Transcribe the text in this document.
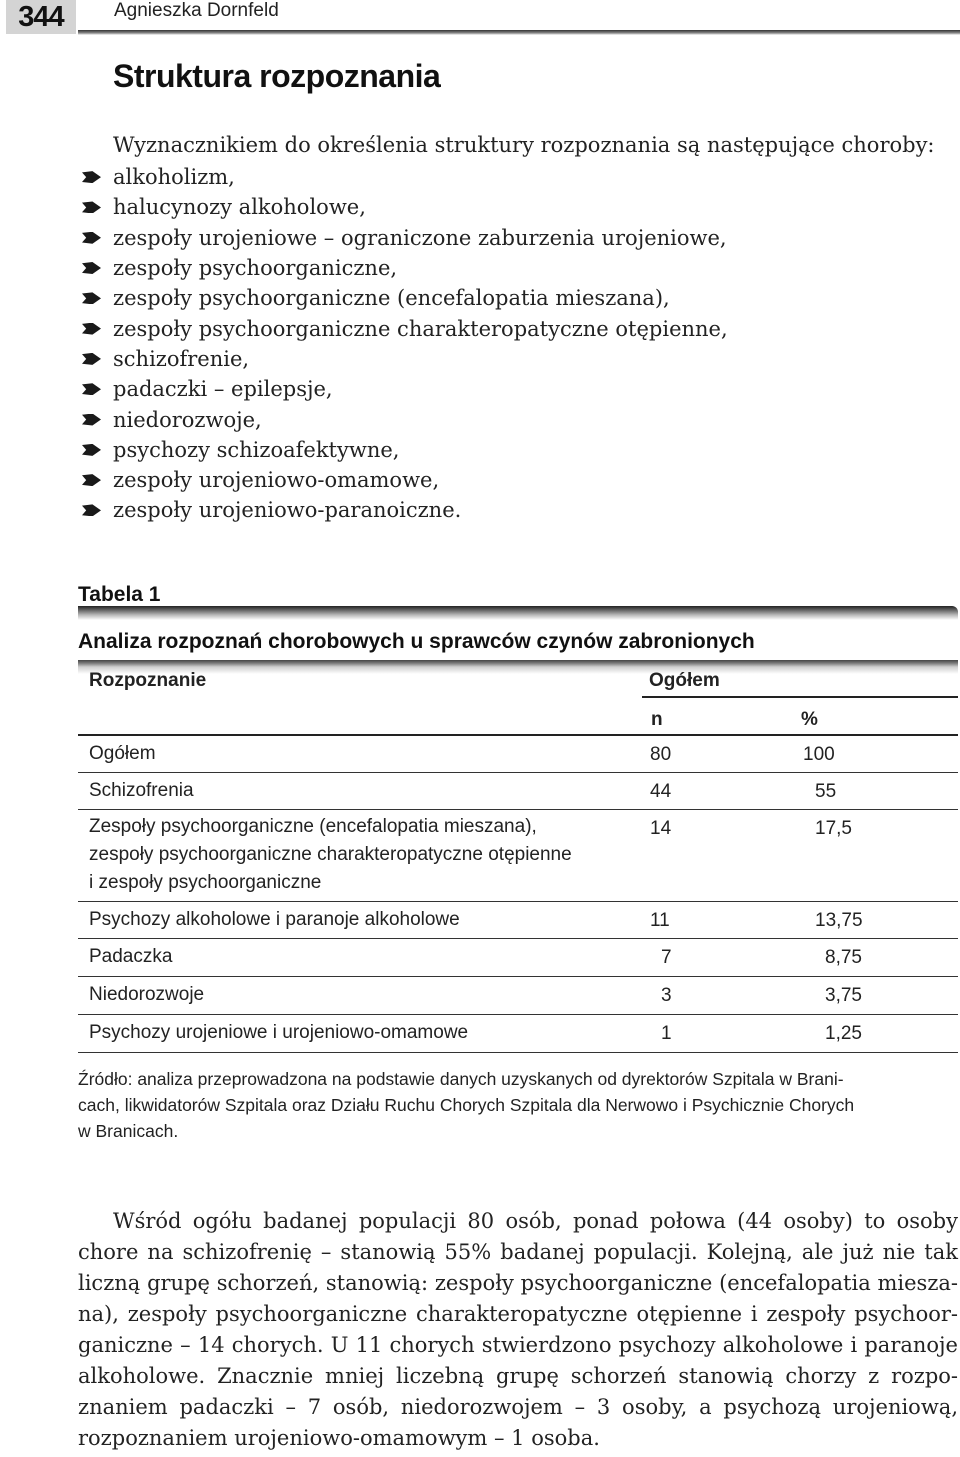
344	Agnieszka Dornfeld
Struktura rozpoznania

Wyznacznikiem do określenia struktury rozpoznania są następujące choroby:

alkoholizm,
halucynozy alkoholowe,
zespoły urojeniowe – ograniczone zaburzenia urojeniowe,
zespoły psychoorganiczne,
zespoły psychoorganiczne (encefalopatia mieszana),
zespoły psychoorganiczne charakteropatyczne otępienne,
schizofrenie,
padaczki – epilepsje,
niedorozwoje,
psychozy schizoafektywne,
zespoły urojeniowo-omamowe,
zespoły urojeniowo-paranoiczne.
Tabela 1
Analiza rozpoznań chorobowych u sprawców czynów zabronionych
Rozpoznanie	Ogółem
n	%
Ogółem	80	100
Schizofrenia	44	55
Zespoły psychoorganiczne (encefalopatia mieszana),
zespoły psychoorganiczne charakteropatyczne otępienne
i zespoły psychoorganiczne
14	17,5
Psychozy alkoholowe i paranoje alkoholowe	11	13,75
Padaczka	7	8,75
Niedorozwoje	3	3,75
Psychozy urojeniowe i urojeniowo-omamowe	1	1,25
Źródło: analiza przeprowadzona na podstawie danych uzyskanych od dyrektorów Szpitala w Brani-
cach, likwidatorów Szpitala oraz Działu Ruchu Chorych Szpitala dla Nerwowo i Psychicznie Chorych
w Branicach.
Wśród ogółu badanej populacji 80 osób, ponad połowa (44 osoby) to osoby
chore na schizofrenię – stanowią 55% badanej populacji. Kolejną, ale już nie tak
liczną grupę schorzeń, stanowią: zespoły psychoorganiczne (encefalopatia miesza-
na), zespoły psychoorganiczne charakteropatyczne otępienne i zespoły psychoor-
ganiczne – 14 chorych. U 11 chorych stwierdzono psychozy alkoholowe i paranoje
alkoholowe. Znacznie mniej liczebną grupę schorzeń stanowią chorzy z rozpo-
znaniem padaczki – 7 osób, niedorozwojem – 3 osoby, a psychozą urojeniową,
rozpoznaniem urojeniowo-omamowym – 1 osoba.
